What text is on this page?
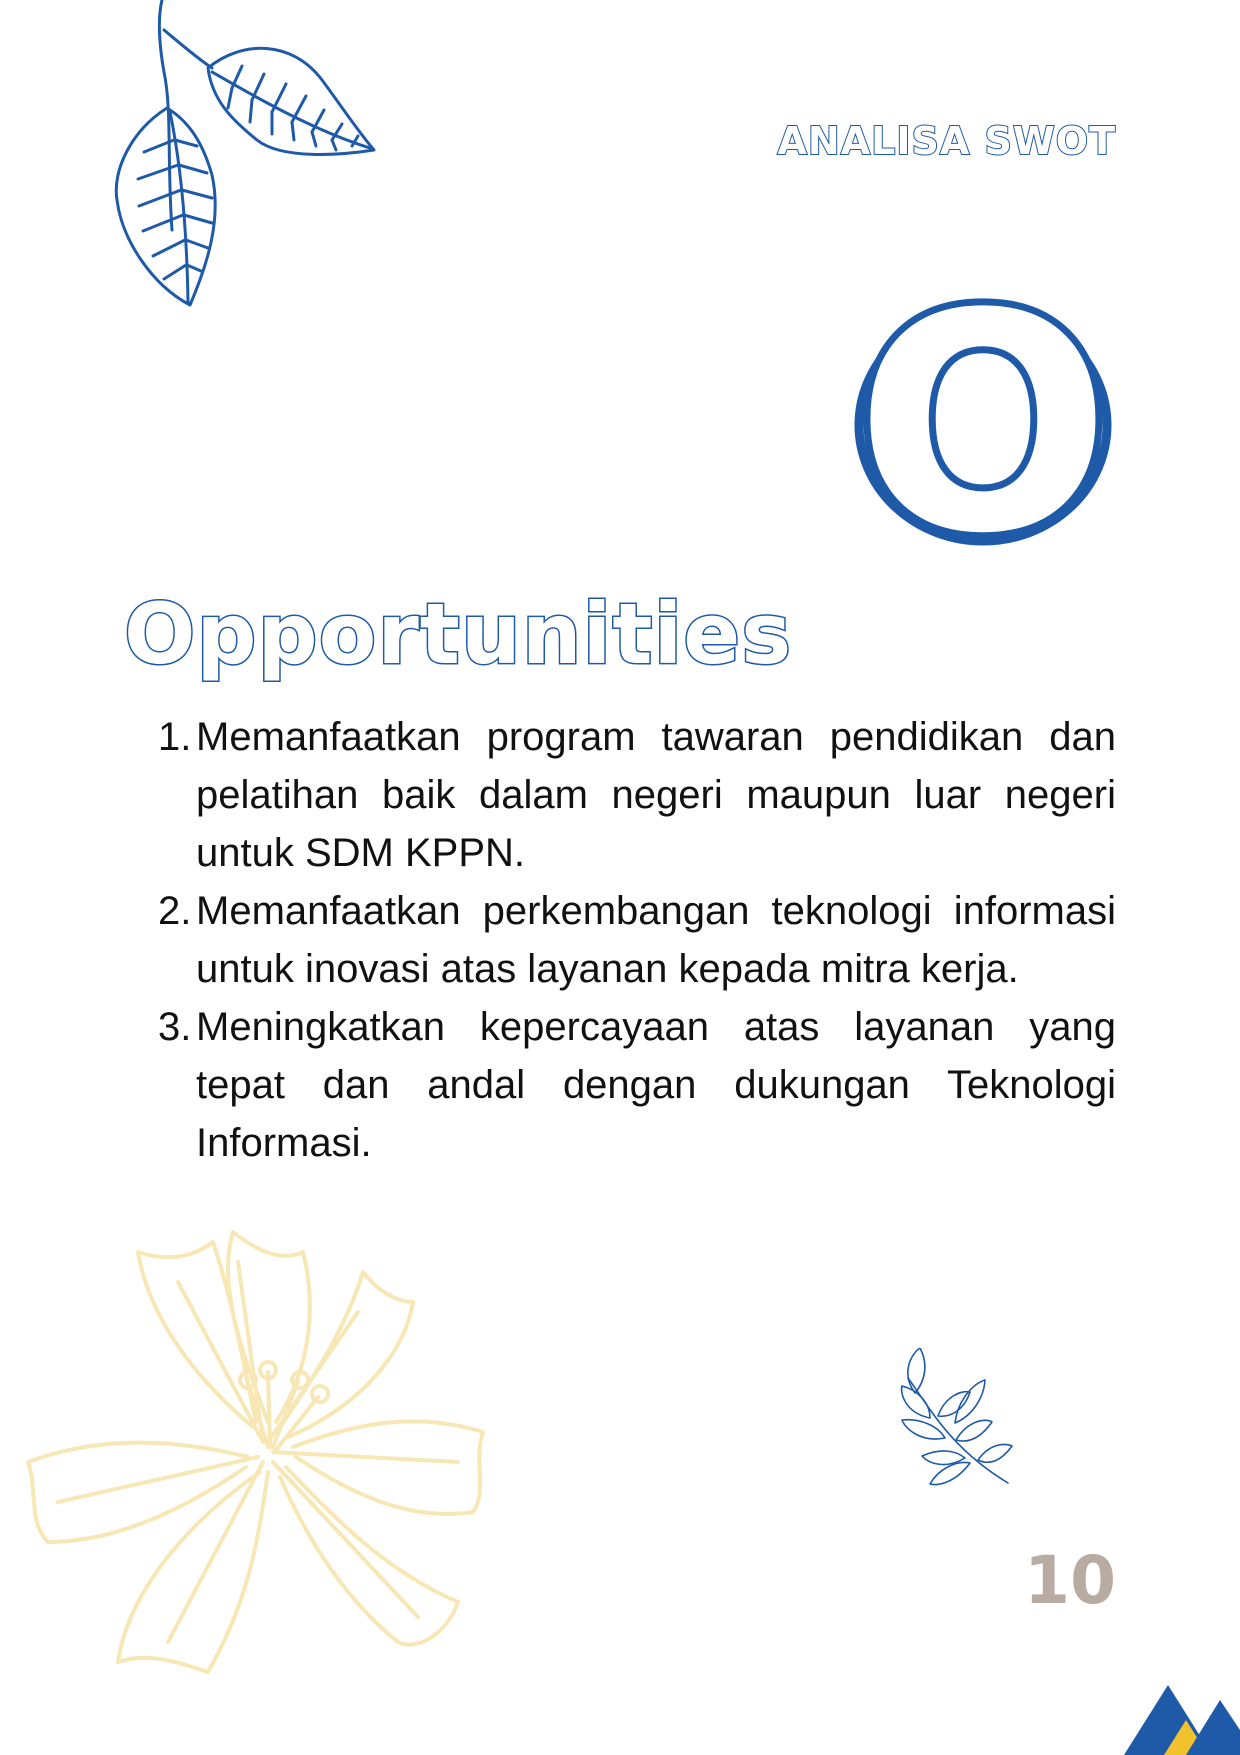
ANALISA SWOT
O
Opportunities
1. Memanfaatkan program tawaran pendidikan dan pelatihan baik dalam negeri maupun luar negeri untuk SDM KPPN.
2. Memanfaatkan perkembangan teknologi informasi untuk inovasi atas layanan kepada mitra kerja.
3. Meningkatkan kepercayaan atas layanan yang tepat dan andal dengan dukungan Teknologi Informasi.
10
